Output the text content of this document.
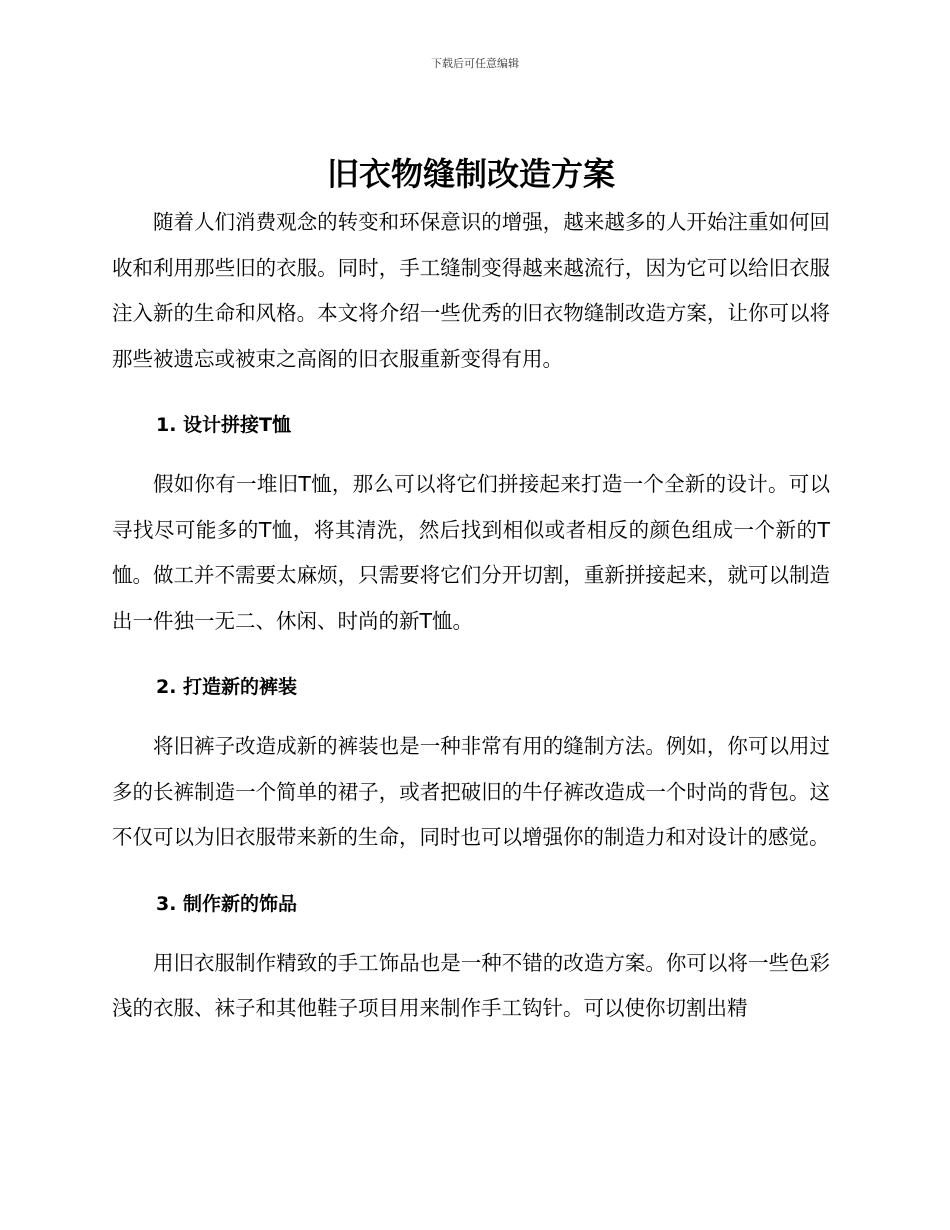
下载后可任意编辑
旧衣物缝制改造方案

随着人们消费观念的转变和环保意识的增强，越来越多的人开始注重如何回收和利用那些旧的衣服。同时，手工缝制变得越来越流行，因为它可以给旧衣服注入新的生命和风格。本文将介绍一些优秀的旧衣物缝制改造方案，让你可以将那些被遗忘或被束之高阁的旧衣服重新变得有用。

1. 设计拼接T恤

假如你有一堆旧T恤，那么可以将它们拼接起来打造一个全新的设计。可以寻找尽可能多的T恤，将其清洗，然后找到相似或者相反的颜色组成一个新的T恤。做工并不需要太麻烦，只需要将它们分开切割，重新拼接起来，就可以制造出一件独一无二、休闲、时尚的新T恤。

2. 打造新的裤装

将旧裤子改造成新的裤装也是一种非常有用的缝制方法。例如，你可以用过多的长裤制造一个简单的裙子，或者把破旧的牛仔裤改造成一个时尚的背包。这不仅可以为旧衣服带来新的生命，同时也可以增强你的制造力和对设计的感觉。

3. 制作新的饰品

用旧衣服制作精致的手工饰品也是一种不错的改造方案。你可以将一些色彩浅的衣服、袜子和其他鞋子项目用来制作手工钩针。可以使你切割出精
